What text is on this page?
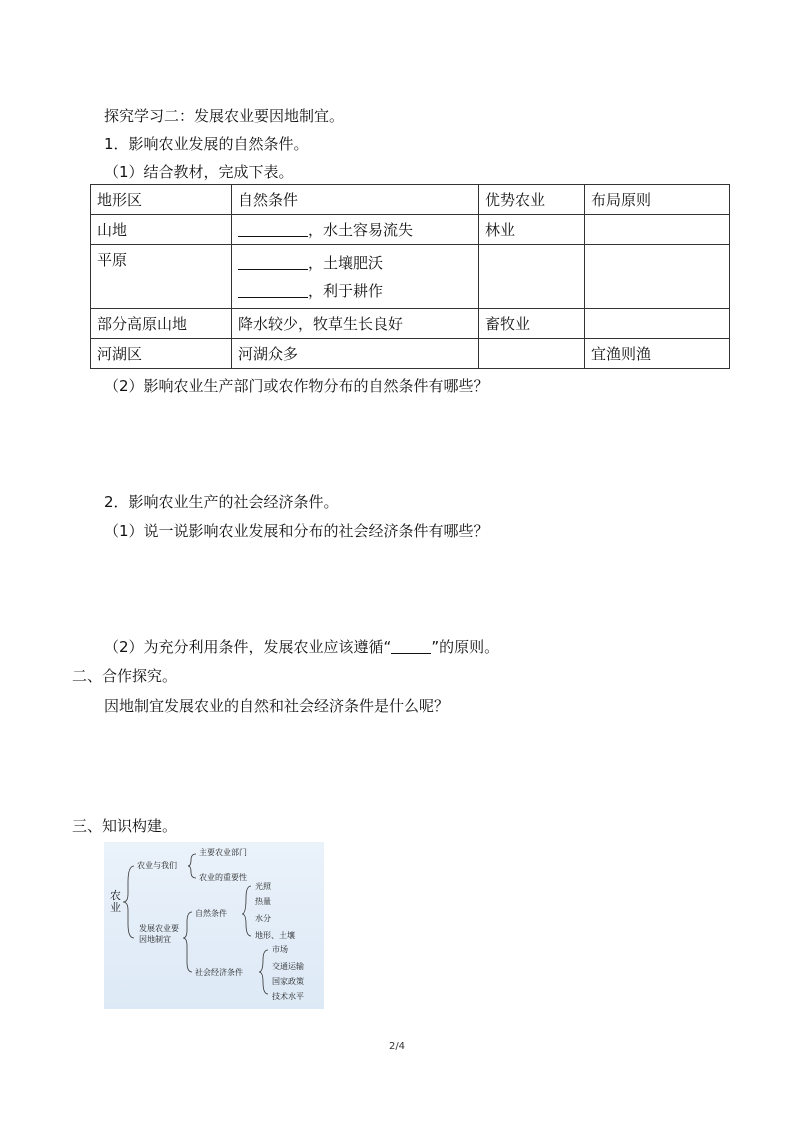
探究学习二：发展农业要因地制宜。
1．影响农业发展的自然条件。
（1）结合教材，完成下表。
地形区	自然条件	优势农业	布局原则
山地	，水土容易流失	林业	
平原	，土壤肥沃
，利于耕作		

部分高原山地	降水较少，牧草生长良好	畜牧业	
河湖区	河湖众多		宜渔则渔
（2）影响农业生产部门或农作物分布的自然条件有哪些？
2．影响农业生产的社会经济条件。
（1）说一说影响农业发展和分布的社会经济条件有哪些？
（2）为充分利用条件，发展农业应该遵循“	”的原则。
二、合作探究。
因地制宜发展农业的自然和社会经济条件是什么呢？
三、知识构建。
农业
农业与我们
主要农业部门
农业的重要性
发展农业要
因地制宜
自然条件
光照
热量
水分
地形、土壤
社会经济条件
市场
交通运输
国家政策
技术水平
2/4
